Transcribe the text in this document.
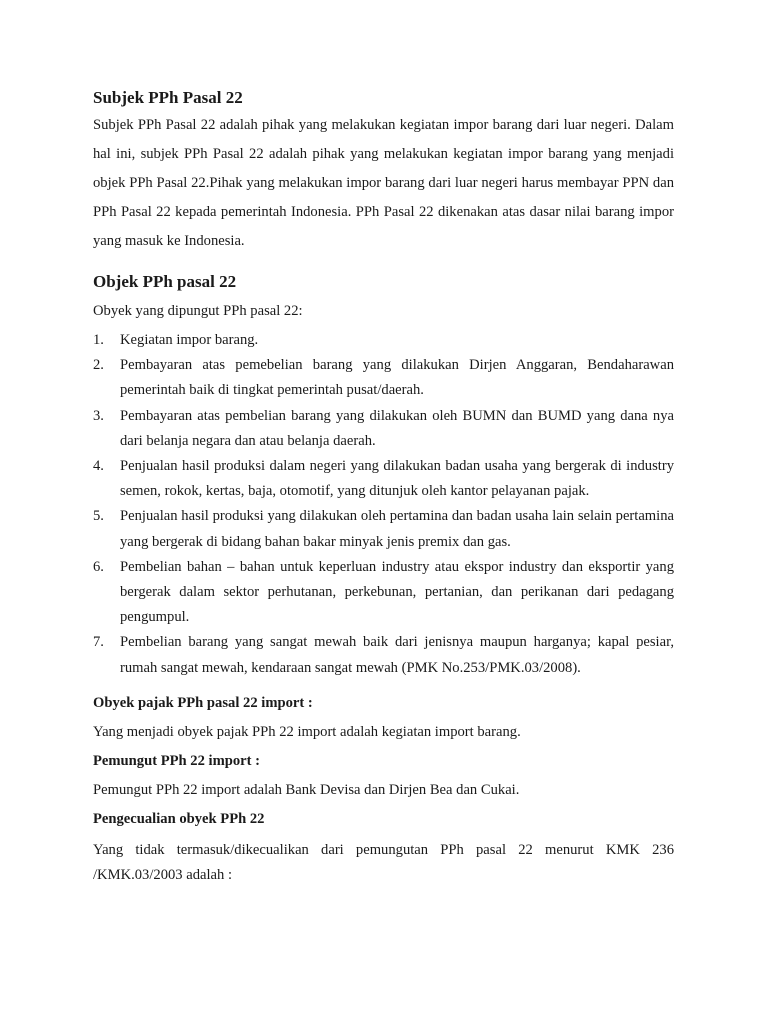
Subjek PPh Pasal 22

Subjek PPh Pasal 22 adalah pihak yang melakukan kegiatan impor barang dari luar negeri. Dalam hal ini, subjek PPh Pasal 22 adalah pihak yang melakukan kegiatan impor barang yang menjadi objek PPh Pasal 22.Pihak yang melakukan impor barang dari luar negeri harus membayar PPN dan PPh Pasal 22 kepada pemerintah Indonesia. PPh Pasal 22 dikenakan atas dasar nilai barang impor yang masuk ke Indonesia.

Objek PPh pasal 22

Obyek yang dipungut PPh pasal 22:

1. Kegiatan impor barang.
2. Pembayaran atas pemebelian barang yang dilakukan Dirjen Anggaran, Bendaharawan pemerintah baik di tingkat pemerintah pusat/daerah.
3. Pembayaran atas pembelian barang yang dilakukan oleh BUMN dan BUMD yang dana nya dari belanja negara dan atau belanja daerah.
4. Penjualan hasil produksi dalam negeri yang dilakukan badan usaha yang bergerak di industry semen, rokok, kertas, baja, otomotif, yang ditunjuk oleh kantor pelayanan pajak.
5. Penjualan hasil produksi yang dilakukan oleh pertamina dan badan usaha lain selain pertamina yang bergerak di bidang bahan bakar minyak jenis premix dan gas.
6. Pembelian bahan – bahan untuk keperluan industry atau ekspor industry dan eksportir yang bergerak dalam sektor perhutanan, perkebunan, pertanian, dan perikanan dari pedagang pengumpul.
7. Pembelian barang yang sangat mewah baik dari jenisnya maupun harganya; kapal pesiar, rumah sangat mewah, kendaraan sangat mewah (PMK No.253/PMK.03/2008).

Obyek pajak PPh pasal 22 import :

Yang menjadi obyek pajak PPh 22 import adalah kegiatan import barang.

Pemungut PPh 22 import :

Pemungut PPh 22 import adalah Bank Devisa dan Dirjen Bea dan Cukai.

Pengecualian obyek PPh 22

Yang tidak termasuk/dikecualikan dari pemungutan PPh pasal 22 menurut KMK 236 /KMK.03/2003 adalah :
